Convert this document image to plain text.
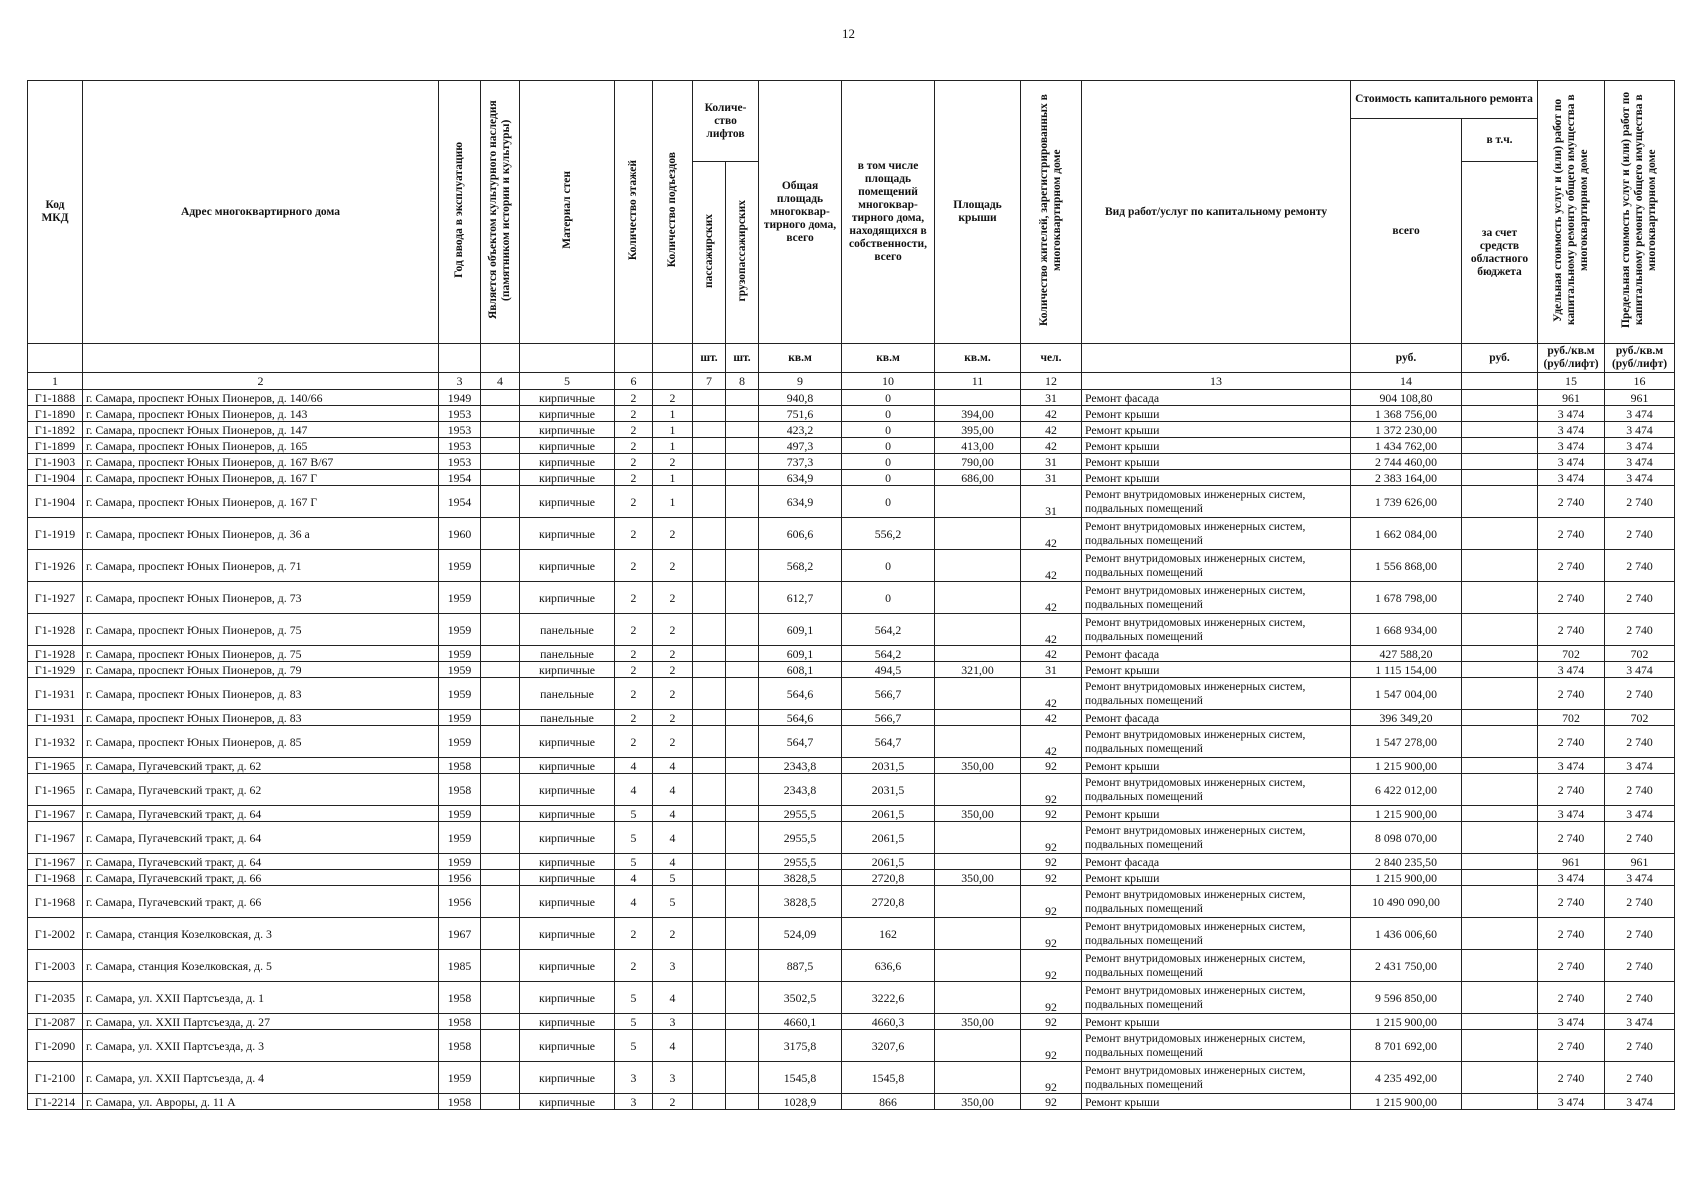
12
Код МКД	Адрес многоквартирного дома	Год ввода в эксплуатацию	Является объектом культурного наследия (памятником истории и культуры)	Материал стен	Количество этажей	Количество подъездов	Количе-ство лифтов		Общая площадь многоквар-тирного дома, всего	в том числе площадь помещений многоквар-тирного дома, находящихся в собственности, всего	Площадь крыши	Количество жителей, зарегистрированных в многоквартирном доме	Вид работ/услуг по капитальному ремонту	Стоимость капитального ремонта		Удельная стоимость услуг и (или) работ по капитальному ремонту общего имущества в многоквартирном доме	Предельная стоимость услуг и (или) работ по капитальному ремонту общего имущества в многоквартирном доме
														всего	в т.ч.		
							пассажирских	грузопассажирских							за счет средств областного бюджета		
							шт.	шт.	кв.м	кв.м	кв.м.	чел.		руб.	руб.	руб./кв.м (руб/лифт)	руб./кв.м (руб/лифт)
1	2	3	4	5	6		7	8	9	10	11	12	13	14		15	16
Г1-1888	г. Самара, проспект Юных Пионеров, д. 140/66	1949		кирпичные	2	2			940,8	0		31	Ремонт фасада	904 108,80		961	961
Г1-1890	г. Самара, проспект Юных Пионеров, д. 143	1953		кирпичные	2	1			751,6	0	394,00	42	Ремонт крыши	1 368 756,00		3 474	3 474
Г1-1892	г. Самара, проспект Юных Пионеров, д. 147	1953		кирпичные	2	1			423,2	0	395,00	42	Ремонт крыши	1 372 230,00		3 474	3 474
Г1-1899	г. Самара, проспект Юных Пионеров, д. 165	1953		кирпичные	2	1			497,3	0	413,00	42	Ремонт крыши	1 434 762,00		3 474	3 474
Г1-1903	г. Самара, проспект Юных Пионеров, д. 167 В/67	1953		кирпичные	2	2			737,3	0	790,00	31	Ремонт крыши	2 744 460,00		3 474	3 474
Г1-1904	г. Самара, проспект Юных Пионеров, д. 167 Г	1954		кирпичные	2	1			634,9	0	686,00	31	Ремонт крыши	2 383 164,00		3 474	3 474
Г1-1904	г. Самара, проспект Юных Пионеров, д. 167 Г	1954		кирпичные	2	1			634,9	0		31	Ремонт внутридомовых инженерных систем, подвальных помещений	1 739 626,00		2 740	2 740
Г1-1919	г. Самара, проспект Юных Пионеров, д. 36 а	1960		кирпичные	2	2			606,6	556,2		42	Ремонт внутридомовых инженерных систем, подвальных помещений	1 662 084,00		2 740	2 740
Г1-1926	г. Самара, проспект Юных Пионеров, д. 71	1959		кирпичные	2	2			568,2	0		42	Ремонт внутридомовых инженерных систем, подвальных помещений	1 556 868,00		2 740	2 740
Г1-1927	г. Самара, проспект Юных Пионеров, д. 73	1959		кирпичные	2	2			612,7	0		42	Ремонт внутридомовых инженерных систем, подвальных помещений	1 678 798,00		2 740	2 740
Г1-1928	г. Самара, проспект Юных Пионеров, д. 75	1959		панельные	2	2			609,1	564,2		42	Ремонт внутридомовых инженерных систем, подвальных помещений	1 668 934,00		2 740	2 740
Г1-1928	г. Самара, проспект Юных Пионеров, д. 75	1959		панельные	2	2			609,1	564,2		42	Ремонт фасада	427 588,20		702	702
Г1-1929	г. Самара, проспект Юных Пионеров, д. 79	1959		кирпичные	2	2			608,1	494,5	321,00	31	Ремонт крыши	1 115 154,00		3 474	3 474
Г1-1931	г. Самара, проспект Юных Пионеров, д. 83	1959		панельные	2	2			564,6	566,7		42	Ремонт внутридомовых инженерных систем, подвальных помещений	1 547 004,00		2 740	2 740
Г1-1931	г. Самара, проспект Юных Пионеров, д. 83	1959		панельные	2	2			564,6	566,7		42	Ремонт фасада	396 349,20		702	702
Г1-1932	г. Самара, проспект Юных Пионеров, д. 85	1959		кирпичные	2	2			564,7	564,7		42	Ремонт внутридомовых инженерных систем, подвальных помещений	1 547 278,00		2 740	2 740
Г1-1965	г. Самара, Пугачевский тракт, д. 62	1958		кирпичные	4	4			2343,8	2031,5	350,00	92	Ремонт крыши	1 215 900,00		3 474	3 474
Г1-1965	г. Самара, Пугачевский тракт, д. 62	1958		кирпичные	4	4			2343,8	2031,5		92	Ремонт внутридомовых инженерных систем, подвальных помещений	6 422 012,00		2 740	2 740
Г1-1967	г. Самара, Пугачевский тракт, д. 64	1959		кирпичные	5	4			2955,5	2061,5	350,00	92	Ремонт крыши	1 215 900,00		3 474	3 474
Г1-1967	г. Самара, Пугачевский тракт, д. 64	1959		кирпичные	5	4			2955,5	2061,5		92	Ремонт внутридомовых инженерных систем, подвальных помещений	8 098 070,00		2 740	2 740
Г1-1967	г. Самара, Пугачевский тракт, д. 64	1959		кирпичные	5	4			2955,5	2061,5		92	Ремонт фасада	2 840 235,50		961	961
Г1-1968	г. Самара, Пугачевский тракт, д. 66	1956		кирпичные	4	5			3828,5	2720,8	350,00	92	Ремонт крыши	1 215 900,00		3 474	3 474
Г1-1968	г. Самара, Пугачевский тракт, д. 66	1956		кирпичные	4	5			3828,5	2720,8		92	Ремонт внутридомовых инженерных систем, подвальных помещений	10 490 090,00		2 740	2 740
Г1-2002	г. Самара, станция Козелковская, д. 3	1967		кирпичные	2	2			524,09	162		92	Ремонт внутридомовых инженерных систем, подвальных помещений	1 436 006,60		2 740	2 740
Г1-2003	г. Самара, станция Козелковская, д. 5	1985		кирпичные	2	3			887,5	636,6		92	Ремонт внутридомовых инженерных систем, подвальных помещений	2 431 750,00		2 740	2 740
Г1-2035	г. Самара, ул. XXII Партсъезда, д. 1	1958		кирпичные	5	4			3502,5	3222,6		92	Ремонт внутридомовых инженерных систем, подвальных помещений	9 596 850,00		2 740	2 740
Г1-2087	г. Самара, ул. XXII Партсъезда, д. 27	1958		кирпичные	5	3			4660,1	4660,3	350,00	92	Ремонт крыши	1 215 900,00		3 474	3 474
Г1-2090	г. Самара, ул. XXII Партсъезда, д. 3	1958		кирпичные	5	4			3175,8	3207,6		92	Ремонт внутридомовых инженерных систем, подвальных помещений	8 701 692,00		2 740	2 740
Г1-2100	г. Самара, ул. XXII Партсъезда, д. 4	1959		кирпичные	3	3			1545,8	1545,8		92	Ремонт внутридомовых инженерных систем, подвальных помещений	4 235 492,00		2 740	2 740
Г1-2214	г. Самара, ул. Авроры, д. 11 А	1958		кирпичные	3	2			1028,9	866	350,00	92	Ремонт крыши	1 215 900,00		3 474	3 474
